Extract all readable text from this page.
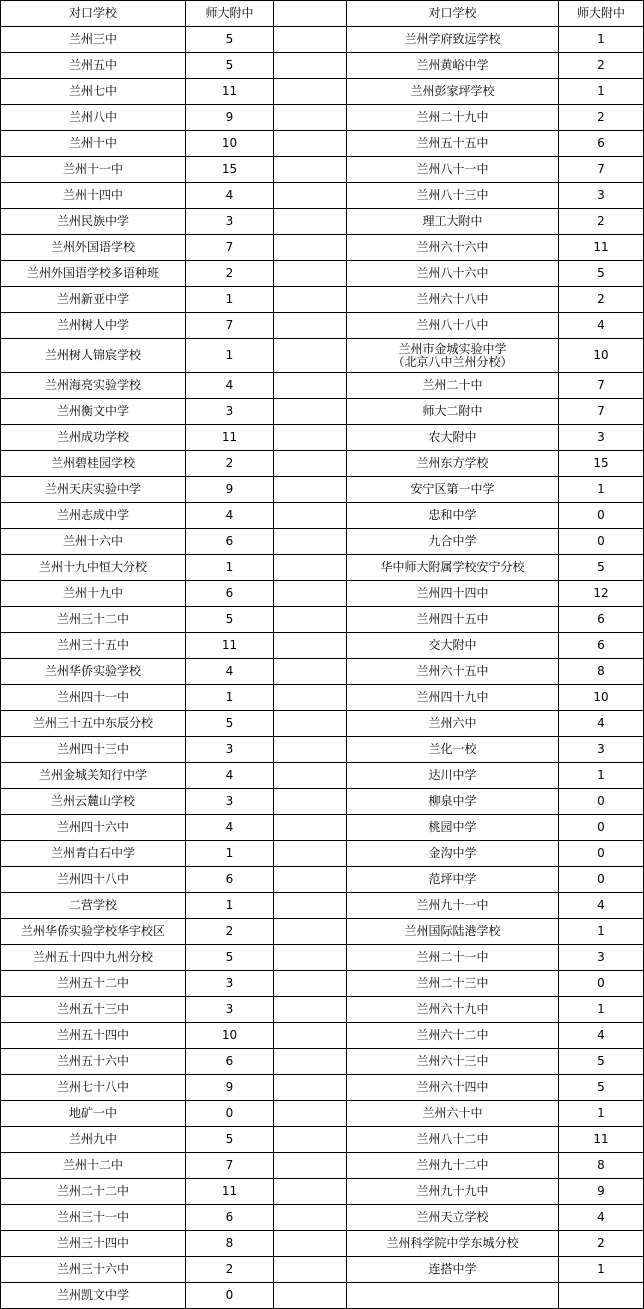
对口学校	师大附中		对口学校	师大附中
兰州三中	5		兰州学府致远学校	1
兰州五中	5		兰州黄峪中学	2
兰州七中	11		兰州彭家坪学校	1
兰州八中	9		兰州二十九中	2
兰州十中	10		兰州五十五中	6
兰州十一中	15		兰州八十一中	7
兰州十四中	4		兰州八十三中	3
兰州民族中学	3		理工大附中	2
兰州外国语学校	7		兰州六十六中	11
兰州外国语学校多语种班	2		兰州八十六中	5
兰州新亚中学	1		兰州六十八中	2
兰州树人中学	7		兰州八十八中	4
兰州树人锦宸学校	1		兰州市金城实验中学
（北京八中兰州分校）	10
兰州海亮实验学校	4		兰州二十中	7
兰州衡文中学	3		师大二附中	7
兰州成功学校	11		农大附中	3
兰州碧桂园学校	2		兰州东方学校	15
兰州天庆实验中学	9		安宁区第一中学	1
兰州志成中学	4		忠和中学	0
兰州十六中	6		九合中学	0
兰州十九中恒大分校	1		华中师大附属学校安宁分校	5
兰州十九中	6		兰州四十四中	12
兰州三十二中	5		兰州四十五中	6
兰州三十五中	11		交大附中	6
兰州华侨实验学校	4		兰州六十五中	8
兰州四十一中	1		兰州四十九中	10
兰州三十五中东辰分校	5		兰州六中	4
兰州四十三中	3		兰化一校	3
兰州金城关知行中学	4		达川中学	1
兰州云麓山学校	3		柳泉中学	0
兰州四十六中	4		桃园中学	0
兰州青白石中学	1		金沟中学	0
兰州四十八中	6		范坪中学	0
二营学校	1		兰州九十一中	4
兰州华侨实验学校华宇校区	2		兰州国际陆港学校	1
兰州五十四中九州分校	5		兰州二十一中	3
兰州五十二中	3		兰州二十三中	0
兰州五十三中	3		兰州六十九中	1
兰州五十四中	10		兰州六十二中	4
兰州五十六中	6		兰州六十三中	5
兰州七十八中	9		兰州六十四中	5
地矿一中	0		兰州六十中	1
兰州九中	5		兰州八十二中	11
兰州十二中	7		兰州九十二中	8
兰州二十二中	11		兰州九十九中	9
兰州三十一中	6		兰州天立学校	4
兰州三十四中	8		兰州科学院中学东城分校	2
兰州三十六中	2		连搭中学	1
兰州凯文中学	0			
